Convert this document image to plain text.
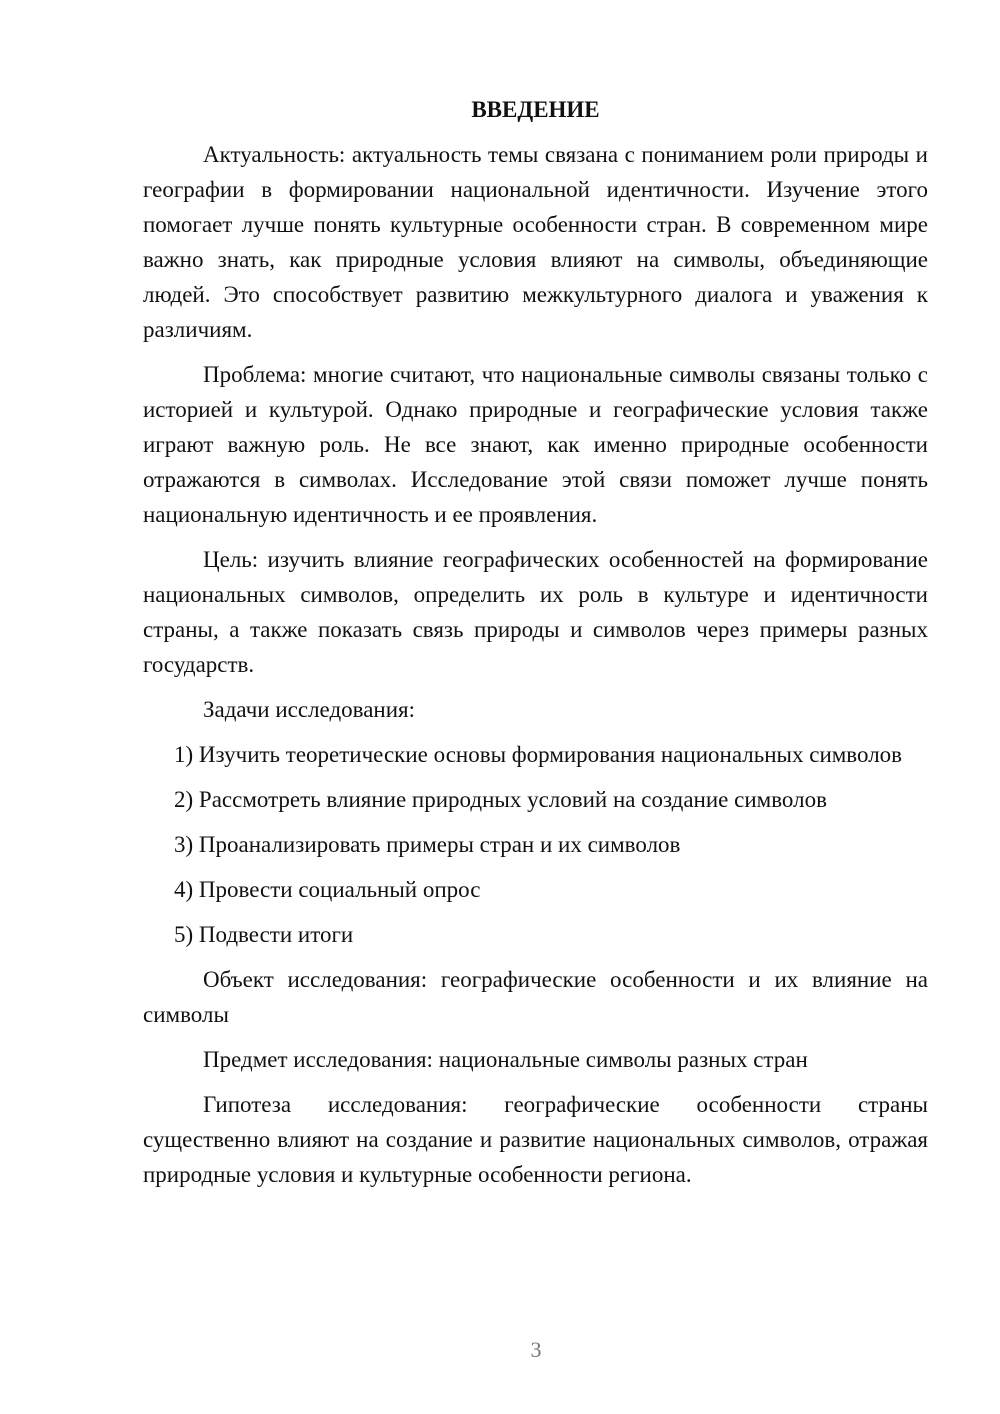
ВВЕДЕНИЕ

Актуальность: актуальность темы связана с пониманием роли природы и географии в формировании национальной идентичности. Изучение этого помогает лучше понять культурные особенности стран. В современном мире важно знать, как природные условия влияют на символы, объединяющие людей. Это способствует развитию межкультурного диалога и уважения к различиям.

Проблема: многие считают, что национальные символы связаны только с историей и культурой. Однако природные и географические условия также играют важную роль. Не все знают, как именно природные особенности отражаются в символах. Исследование этой связи поможет лучше понять национальную идентичность и ее проявления.

Цель: изучить влияние географических особенностей на формирование национальных символов, определить их роль в культуре и идентичности страны, а также показать связь природы и символов через примеры разных государств.

Задачи исследования:

1) Изучить теоретические основы формирования национальных символов

2) Рассмотреть влияние природных условий на создание символов

3) Проанализировать примеры стран и их символов

4) Провести социальный опрос

5) Подвести итоги

Объект исследования: географические особенности и их влияние на символы

Предмет исследования: национальные символы разных стран

Гипотеза исследования: географические особенности страны существенно влияют на создание и развитие национальных символов, отражая природные условия и культурные особенности региона.

3
